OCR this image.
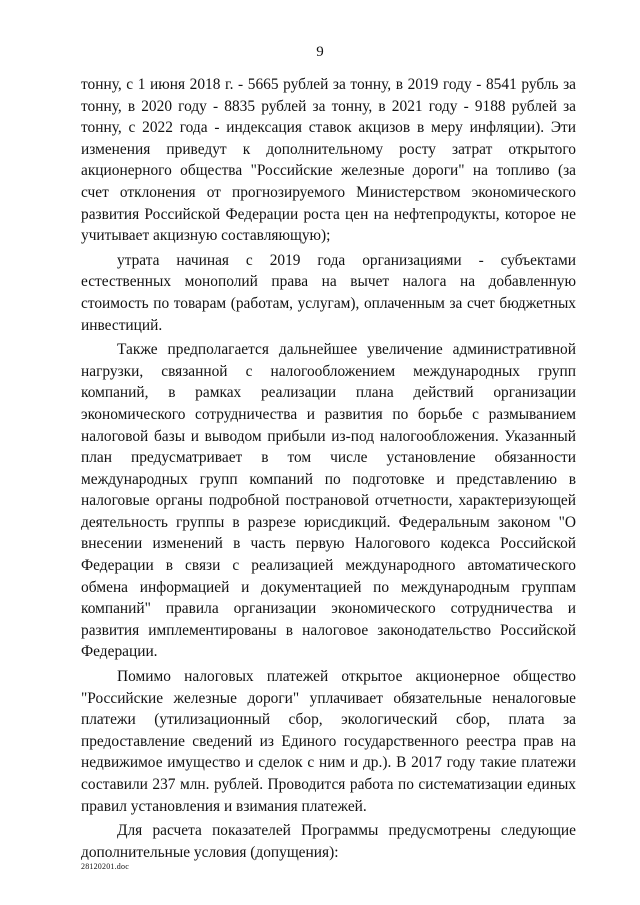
9

тонну, с 1 июня 2018 г. - 5665 рублей за тонну, в 2019 году - 8541 рубль за тонну, в 2020 году - 8835 рублей за тонну, в 2021 году - 9188 рублей за тонну, с 2022 года - индексация ставок акцизов в меру инфляции). Эти изменения приведут к дополнительному росту затрат открытого акционерного общества "Российские железные дороги" на топливо (за счет отклонения от прогнозируемого Министерством экономического развития Российской Федерации роста цен на нефтепродукты, которое не учитывает акцизную составляющую);

утрата начиная с 2019 года организациями - субъектами естественных монополий права на вычет налога на добавленную стоимость по товарам (работам, услугам), оплаченным за счет бюджетных инвестиций.

Также предполагается дальнейшее увеличение административной нагрузки, связанной с налогообложением международных групп компаний, в рамках реализации плана действий организации экономического сотрудничества и развития по борьбе с размыванием налоговой базы и выводом прибыли из-под налогообложения. Указанный план предусматривает в том числе установление обязанности международных групп компаний по подготовке и представлению в налоговые органы подробной пострановой отчетности, характеризующей деятельность группы в разрезе юрисдикций. Федеральным законом "О внесении изменений в часть первую Налогового кодекса Российской Федерации в связи с реализацией международного автоматического обмена информацией и документацией по международным группам компаний" правила организации экономического сотрудничества и развития имплементированы в налоговое законодательство Российской Федерации.

Помимо налоговых платежей открытое акционерное общество "Российские железные дороги" уплачивает обязательные неналоговые платежи (утилизационный сбор, экологический сбор, плата за предоставление сведений из Единого государственного реестра прав на недвижимое имущество и сделок с ним и др.). В 2017 году такие платежи составили 237 млн. рублей. Проводится работа по систематизации единых правил установления и взимания платежей.

Для расчета показателей Программы предусмотрены следующие дополнительные условия (допущения):

28120201.doc
